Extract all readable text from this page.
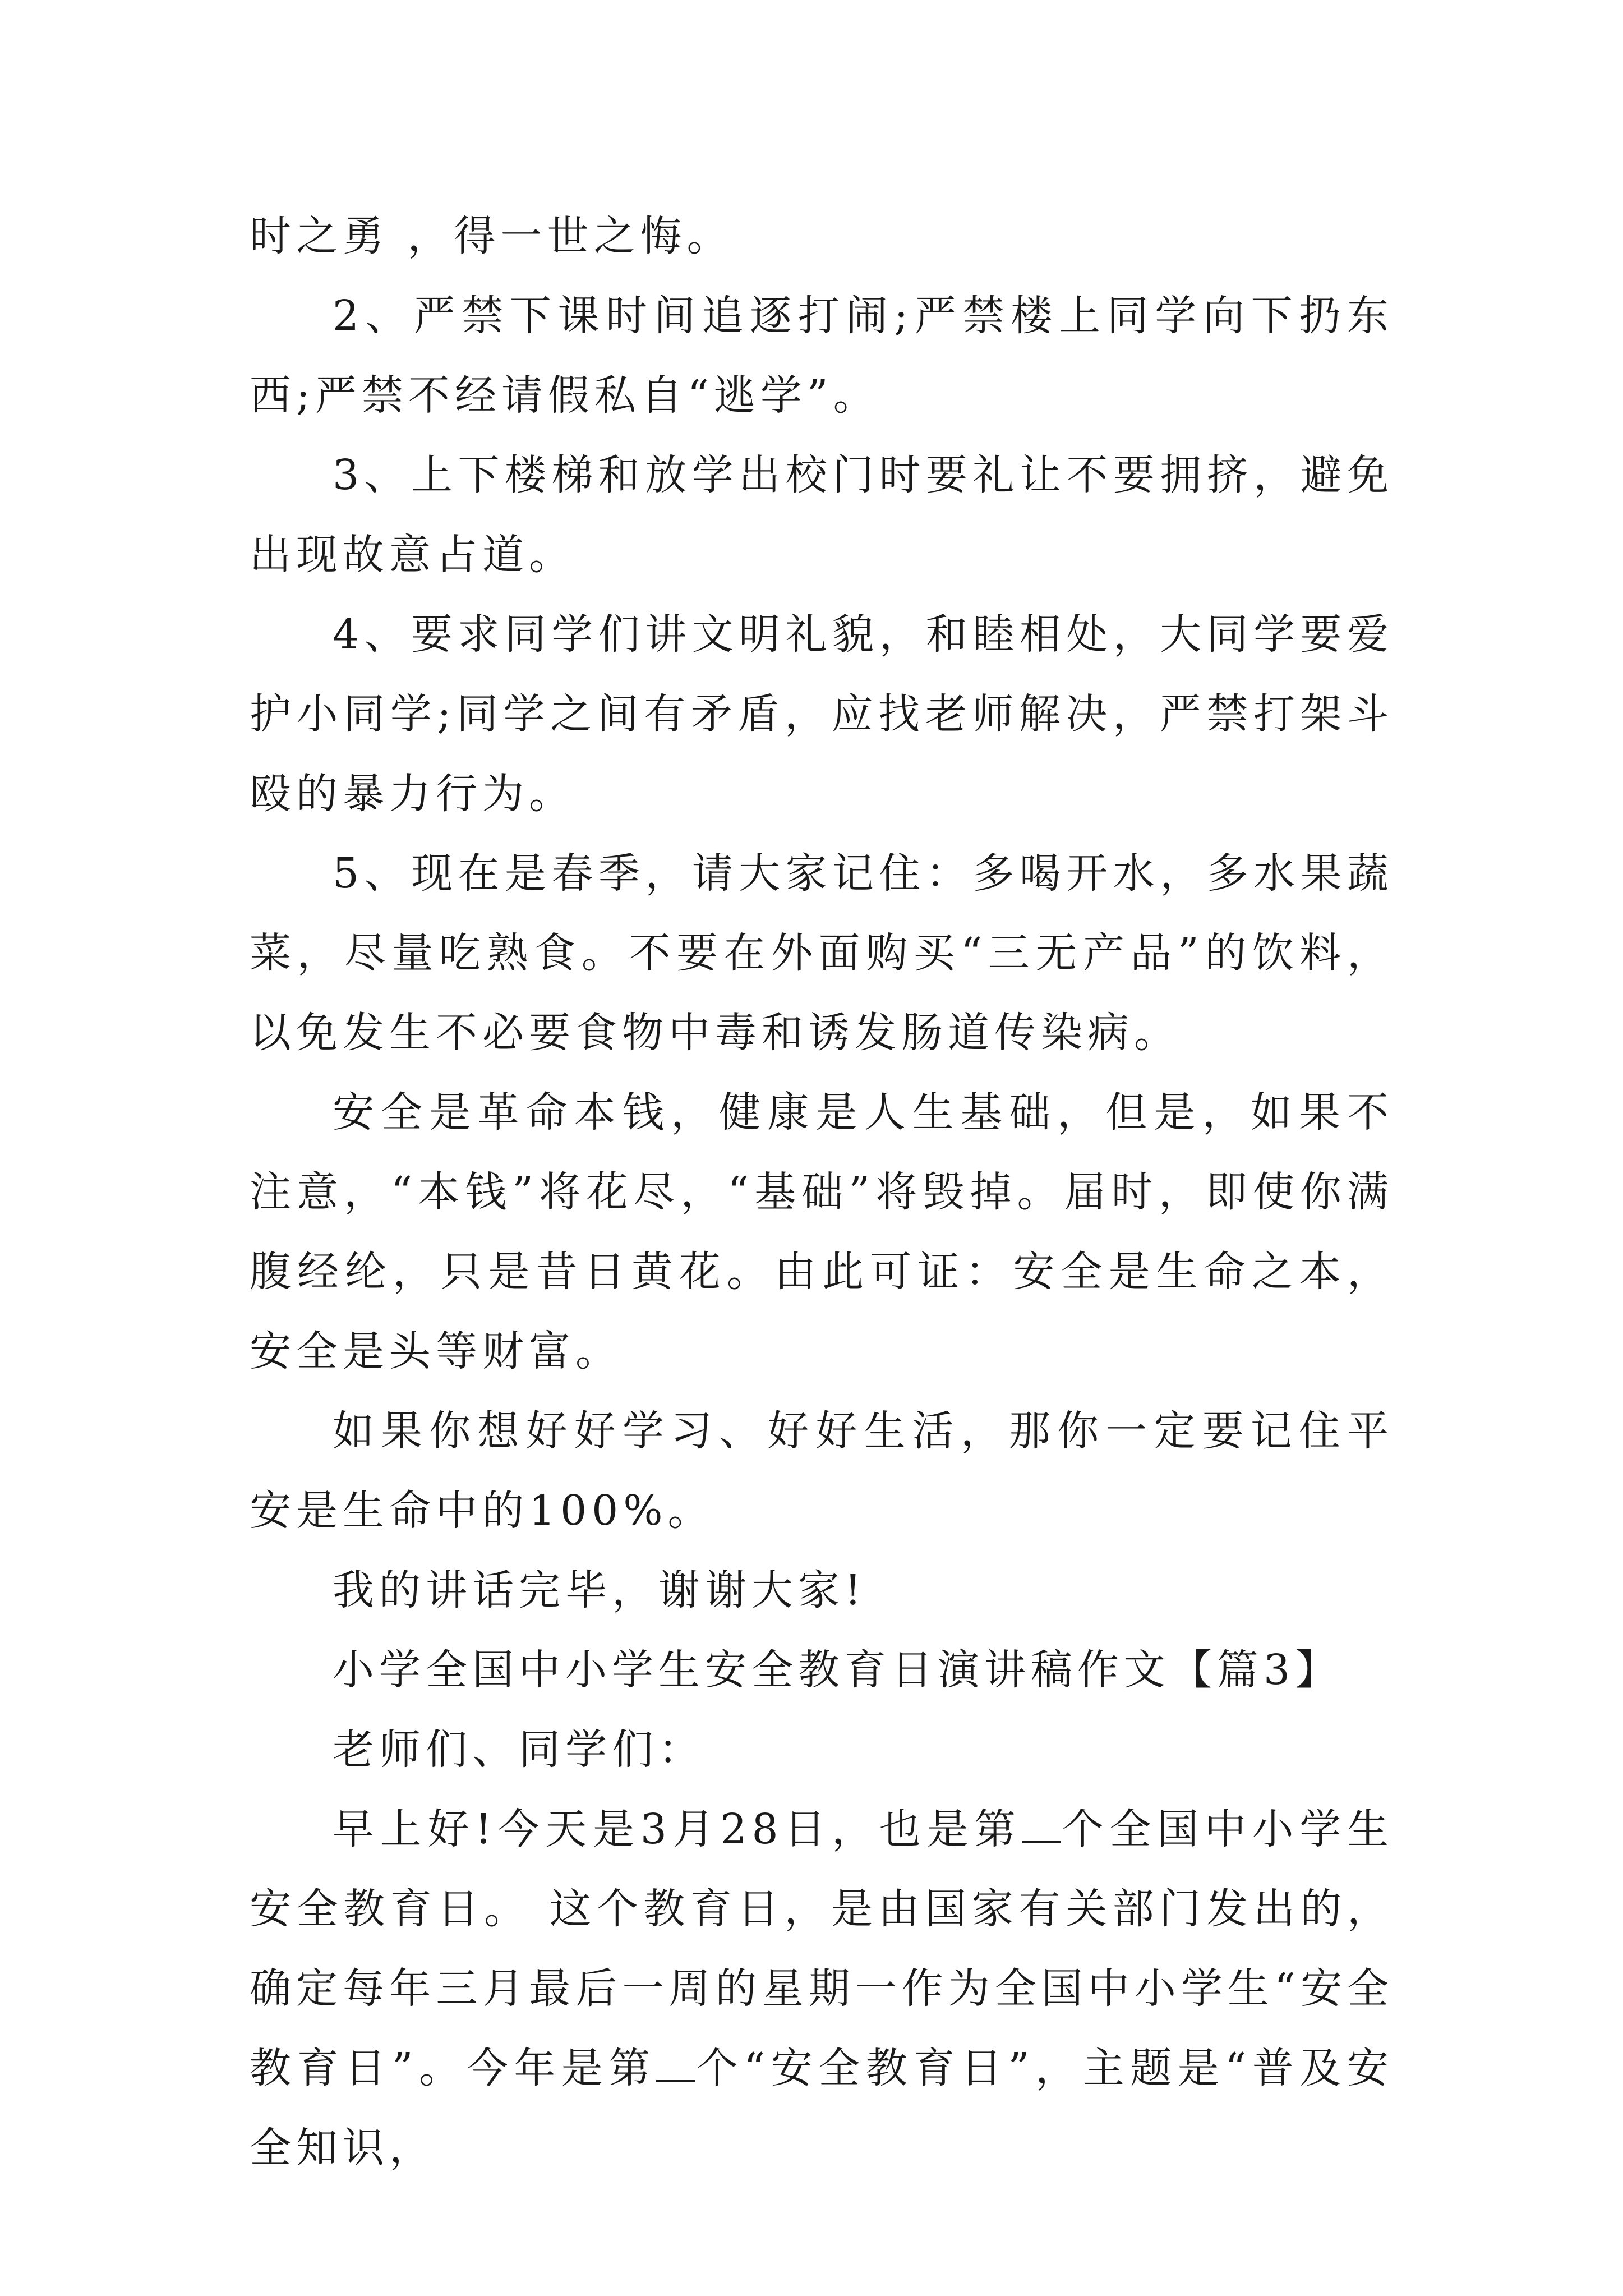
时之勇 ，得一世之悔。

2、严禁下课时间追逐打闹;严禁楼上同学向下扔东西;严禁不经请假私自“逃学”。

3、上下楼梯和放学出校门时要礼让不要拥挤，避免出现故意占道。

4、要求同学们讲文明礼貌，和睦相处，大同学要爱护小同学;同学之间有矛盾，应找老师解决，严禁打架斗殴的暴力行为。

5、现在是春季，请大家记住：多喝开水，多水果蔬菜，尽量吃熟食。不要在外面购买“三无产品”的饮料，以免发生不必要食物中毒和诱发肠道传染病。

安全是革命本钱，健康是人生基础，但是，如果不注意，“本钱”将花尽，“基础”将毁掉。届时，即使你满腹经纶，只是昔日黄花。由此可证：安全是生命之本，安全是头等财富。

如果你想好好学习、好好生活，那你一定要记住平安是生命中的100%。

我的讲话完毕，谢谢大家!

小学全国中小学生安全教育日演讲稿作文【篇3】

老师们、同学们：

早上好!今天是3月28日，也是第 个全国中小学生安全教育日。 这个教育日，是由国家有关部门发出的，确定每年三月最后一周的星期一作为全国中小学生“安全教育日”。今年是第 个“安全教育日”，主题是“普及安全知识，
